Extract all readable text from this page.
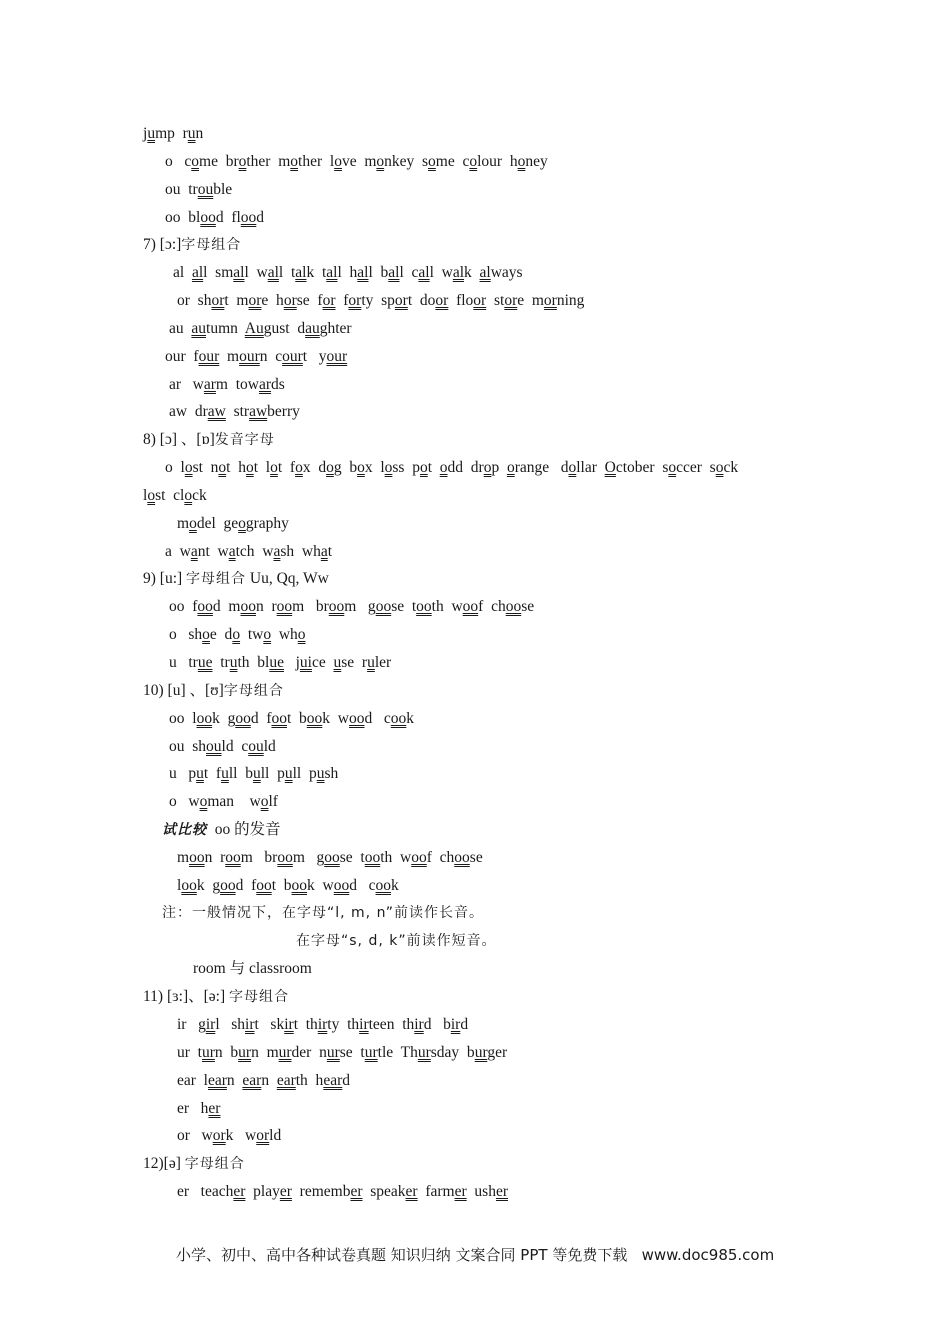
jump  run
o   come  brother  mother  love  monkey  some  colour  honey
ou  trouble
oo  blood  flood
7) [ɔ:]字母组合
al  all  small  wall  talk  tall  hall  ball  call  walk  always
or  short  more  horse  for  forty  sport  door  floor  store  morning
au  autumn  August  daughter
our  four  mourn  court   your
ar   warm  towards
aw  draw  strawberry
8) [ɔ] 、[ɒ]发音字母
o  lost  not  hot  lot  fox  dog  box  loss  pot  odd  drop  orange   dollar  October  soccer  sock
lost  clock
model  geography
a  want  watch  wash  what
9) [u:] 字母组合 Uu, Qq, Ww
oo  food  moon  room   broom   goose  tooth  woof  choose
o   shoe  do  two  who
u   true  truth  blue   juice  use  ruler
10) [u] 、[ʊ]字母组合
oo  look  good  foot  book  wood   cook
ou  should  could
u   put  full  bull  pull  push
o   woman    wolf
试比较  oo 的发音
moon  room   broom   goose  tooth  woof  choose
look  good  foot  book  wood   cook
注：一般情况下，在字母“l, m, n”前读作长音。
在字母“s, d, k”前读作短音。
room 与 classroom
11) [ɜ:]、[ə:] 字母组合
ir   girl   shirt   skirt  thirty  thirteen  third   bird
ur  turn  burn  murder  nurse  turtle  Thursday  burger
ear  learn  earn  earth  heard
er   her
or   work   world
12)[ə] 字母组合
er   teacher  player  remember  speaker  farmer  usher
小学、初中、高中各种试卷真题 知识归纳 文案合同 PPT 等免费下载   www.doc985.com
